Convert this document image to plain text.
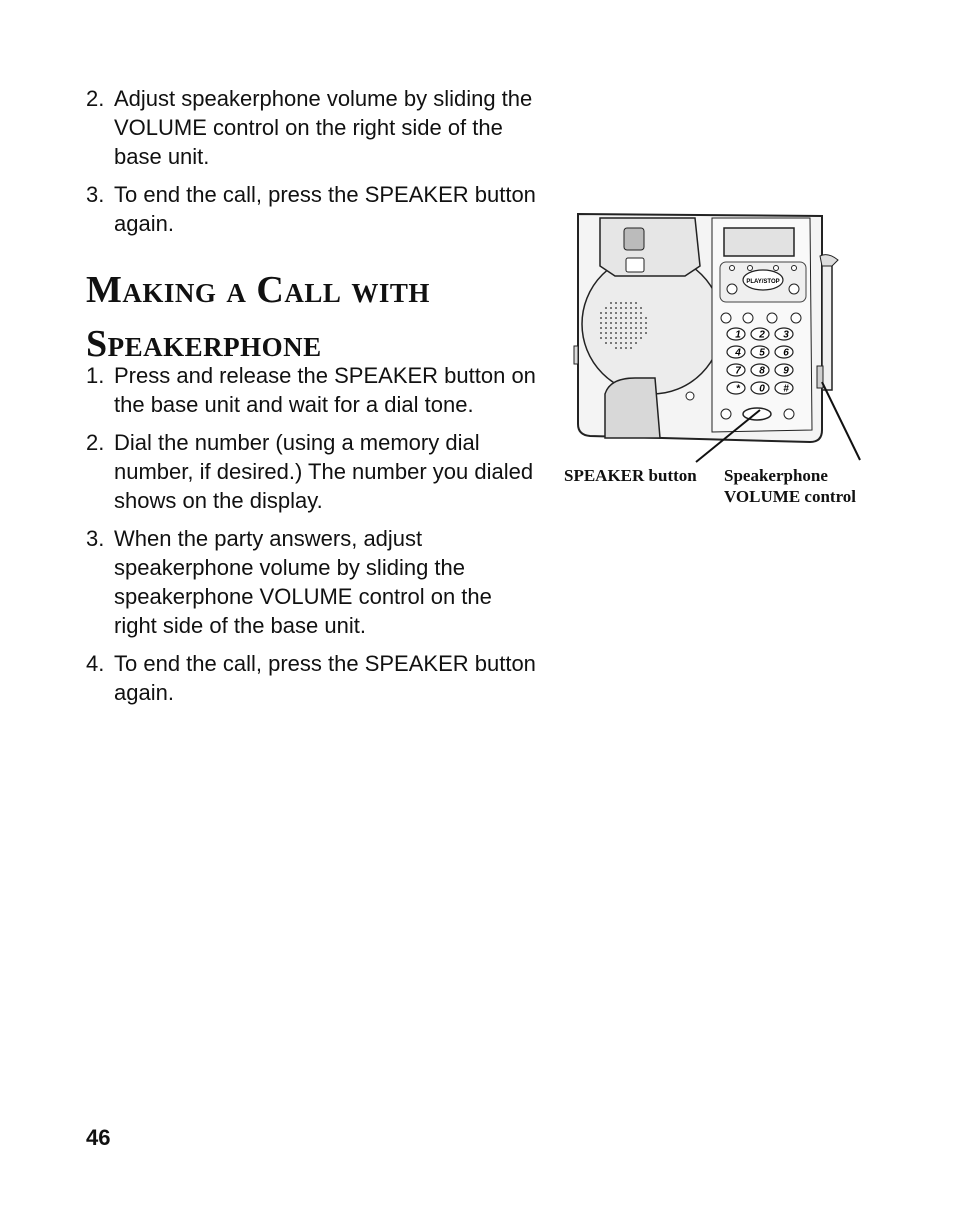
2. Adjust speakerphone volume by sliding the VOLUME control on the right side of the base unit.
3. To end the call, press the SPEAKER button again.
Making a Call with
Speakerphone
1. Press and release the SPEAKER button on the base unit and wait for a dial tone.
2. Dial the number (using a memory dial number, if desired.) The number you dialed shows on the display.
3. When the party answers, adjust speakerphone volume by sliding the speakerphone VOLUME control on the right side of the base unit.
4. To end the call, press the SPEAKER button again.
PLAY/STOP
1 2 3
4 5 6
7 8 9
* 0 #
SPEAKER button Speakerphone
VOLUME control
46
